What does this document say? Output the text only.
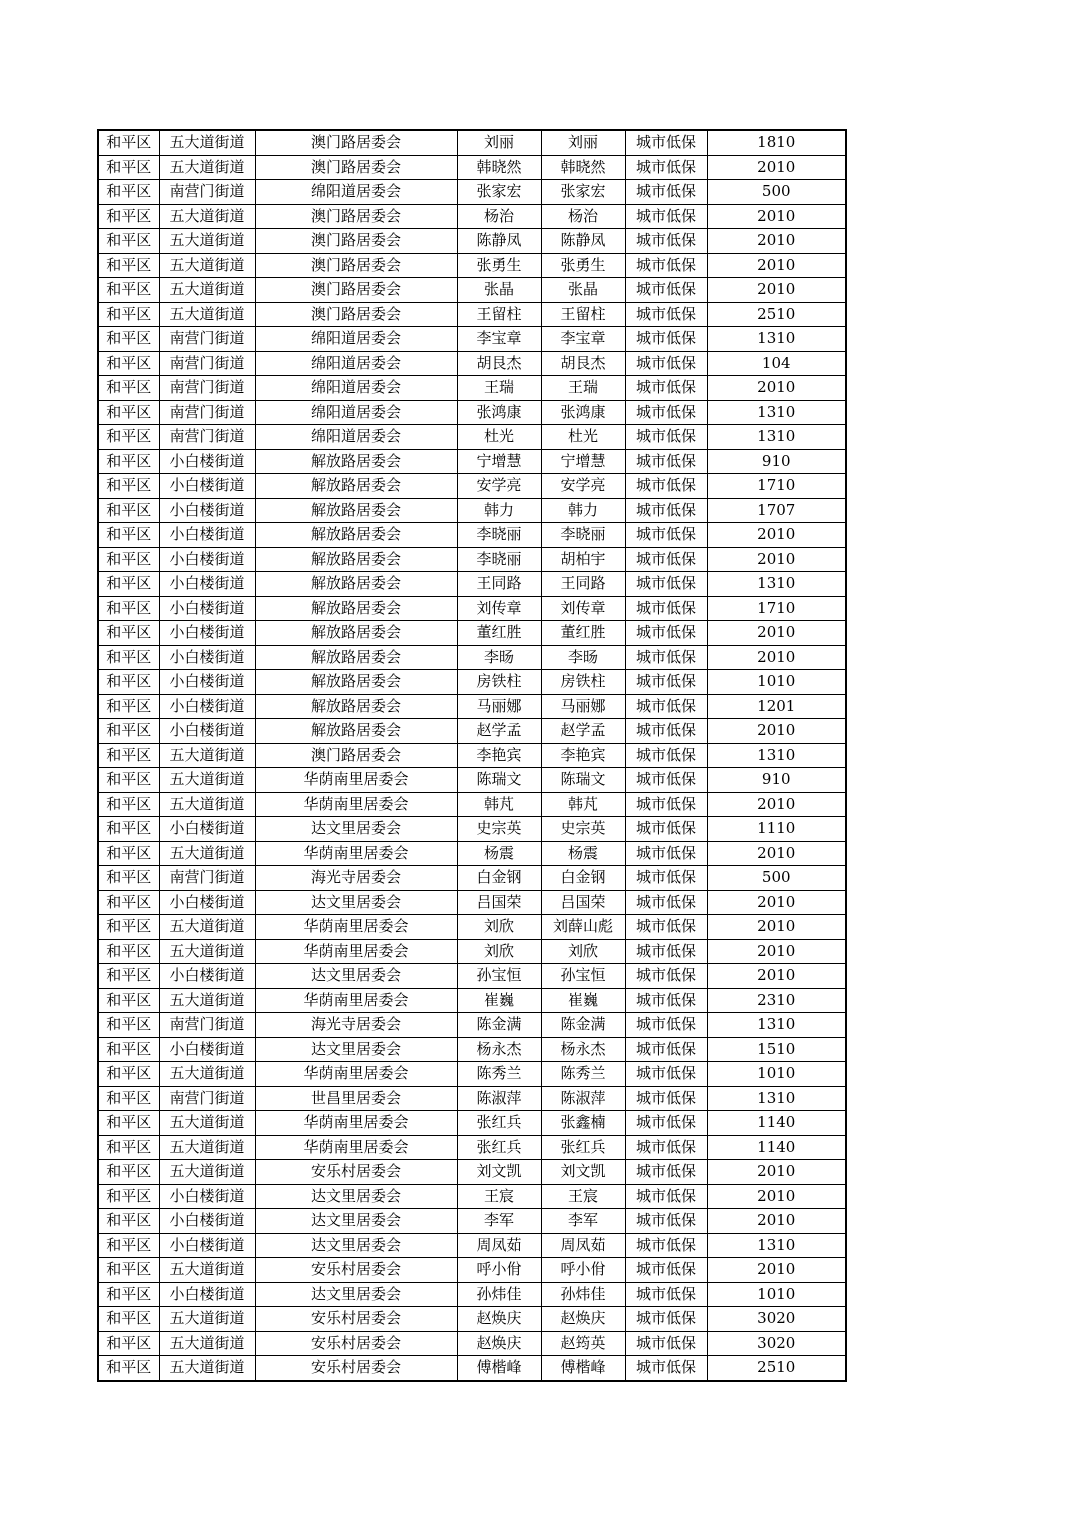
和平区	五大道街道	澳门路居委会	刘丽	刘丽	城市低保	1810
和平区	五大道街道	澳门路居委会	韩晓然	韩晓然	城市低保	2010
和平区	南营门街道	绵阳道居委会	张家宏	张家宏	城市低保	500
和平区	五大道街道	澳门路居委会	杨治	杨治	城市低保	2010
和平区	五大道街道	澳门路居委会	陈静凤	陈静凤	城市低保	2010
和平区	五大道街道	澳门路居委会	张勇生	张勇生	城市低保	2010
和平区	五大道街道	澳门路居委会	张晶	张晶	城市低保	2010
和平区	五大道街道	澳门路居委会	王留柱	王留柱	城市低保	2510
和平区	南营门街道	绵阳道居委会	李宝章	李宝章	城市低保	1310
和平区	南营门街道	绵阳道居委会	胡艮杰	胡艮杰	城市低保	104
和平区	南营门街道	绵阳道居委会	王瑞	王瑞	城市低保	2010
和平区	南营门街道	绵阳道居委会	张鸿康	张鸿康	城市低保	1310
和平区	南营门街道	绵阳道居委会	杜光	杜光	城市低保	1310
和平区	小白楼街道	解放路居委会	宁增慧	宁增慧	城市低保	910
和平区	小白楼街道	解放路居委会	安学亮	安学亮	城市低保	1710
和平区	小白楼街道	解放路居委会	韩力	韩力	城市低保	1707
和平区	小白楼街道	解放路居委会	李晓丽	李晓丽	城市低保	2010
和平区	小白楼街道	解放路居委会	李晓丽	胡柏宇	城市低保	2010
和平区	小白楼街道	解放路居委会	王同路	王同路	城市低保	1310
和平区	小白楼街道	解放路居委会	刘传章	刘传章	城市低保	1710
和平区	小白楼街道	解放路居委会	董红胜	董红胜	城市低保	2010
和平区	小白楼街道	解放路居委会	李旸	李旸	城市低保	2010
和平区	小白楼街道	解放路居委会	房铁柱	房铁柱	城市低保	1010
和平区	小白楼街道	解放路居委会	马丽娜	马丽娜	城市低保	1201
和平区	小白楼街道	解放路居委会	赵学孟	赵学孟	城市低保	2010
和平区	五大道街道	澳门路居委会	李艳宾	李艳宾	城市低保	1310
和平区	五大道街道	华荫南里居委会	陈瑞文	陈瑞文	城市低保	910
和平区	五大道街道	华荫南里居委会	韩芃	韩芃	城市低保	2010
和平区	小白楼街道	达文里居委会	史宗英	史宗英	城市低保	1110
和平区	五大道街道	华荫南里居委会	杨震	杨震	城市低保	2010
和平区	南营门街道	海光寺居委会	白金钢	白金钢	城市低保	500
和平区	小白楼街道	达文里居委会	吕国荣	吕国荣	城市低保	2010
和平区	五大道街道	华荫南里居委会	刘欣	刘薛山彪	城市低保	2010
和平区	五大道街道	华荫南里居委会	刘欣	刘欣	城市低保	2010
和平区	小白楼街道	达文里居委会	孙宝恒	孙宝恒	城市低保	2010
和平区	五大道街道	华荫南里居委会	崔巍	崔巍	城市低保	2310
和平区	南营门街道	海光寺居委会	陈金满	陈金满	城市低保	1310
和平区	小白楼街道	达文里居委会	杨永杰	杨永杰	城市低保	1510
和平区	五大道街道	华荫南里居委会	陈秀兰	陈秀兰	城市低保	1010
和平区	南营门街道	世昌里居委会	陈淑萍	陈淑萍	城市低保	1310
和平区	五大道街道	华荫南里居委会	张红兵	张鑫楠	城市低保	1140
和平区	五大道街道	华荫南里居委会	张红兵	张红兵	城市低保	1140
和平区	五大道街道	安乐村居委会	刘文凯	刘文凯	城市低保	2010
和平区	小白楼街道	达文里居委会	王宸	王宸	城市低保	2010
和平区	小白楼街道	达文里居委会	李军	李军	城市低保	2010
和平区	小白楼街道	达文里居委会	周凤茹	周凤茹	城市低保	1310
和平区	五大道街道	安乐村居委会	呼小佾	呼小佾	城市低保	2010
和平区	小白楼街道	达文里居委会	孙炜佳	孙炜佳	城市低保	1010
和平区	五大道街道	安乐村居委会	赵焕庆	赵焕庆	城市低保	3020
和平区	五大道街道	安乐村居委会	赵焕庆	赵筠英	城市低保	3020
和平区	五大道街道	安乐村居委会	傅楷峰	傅楷峰	城市低保	2510
